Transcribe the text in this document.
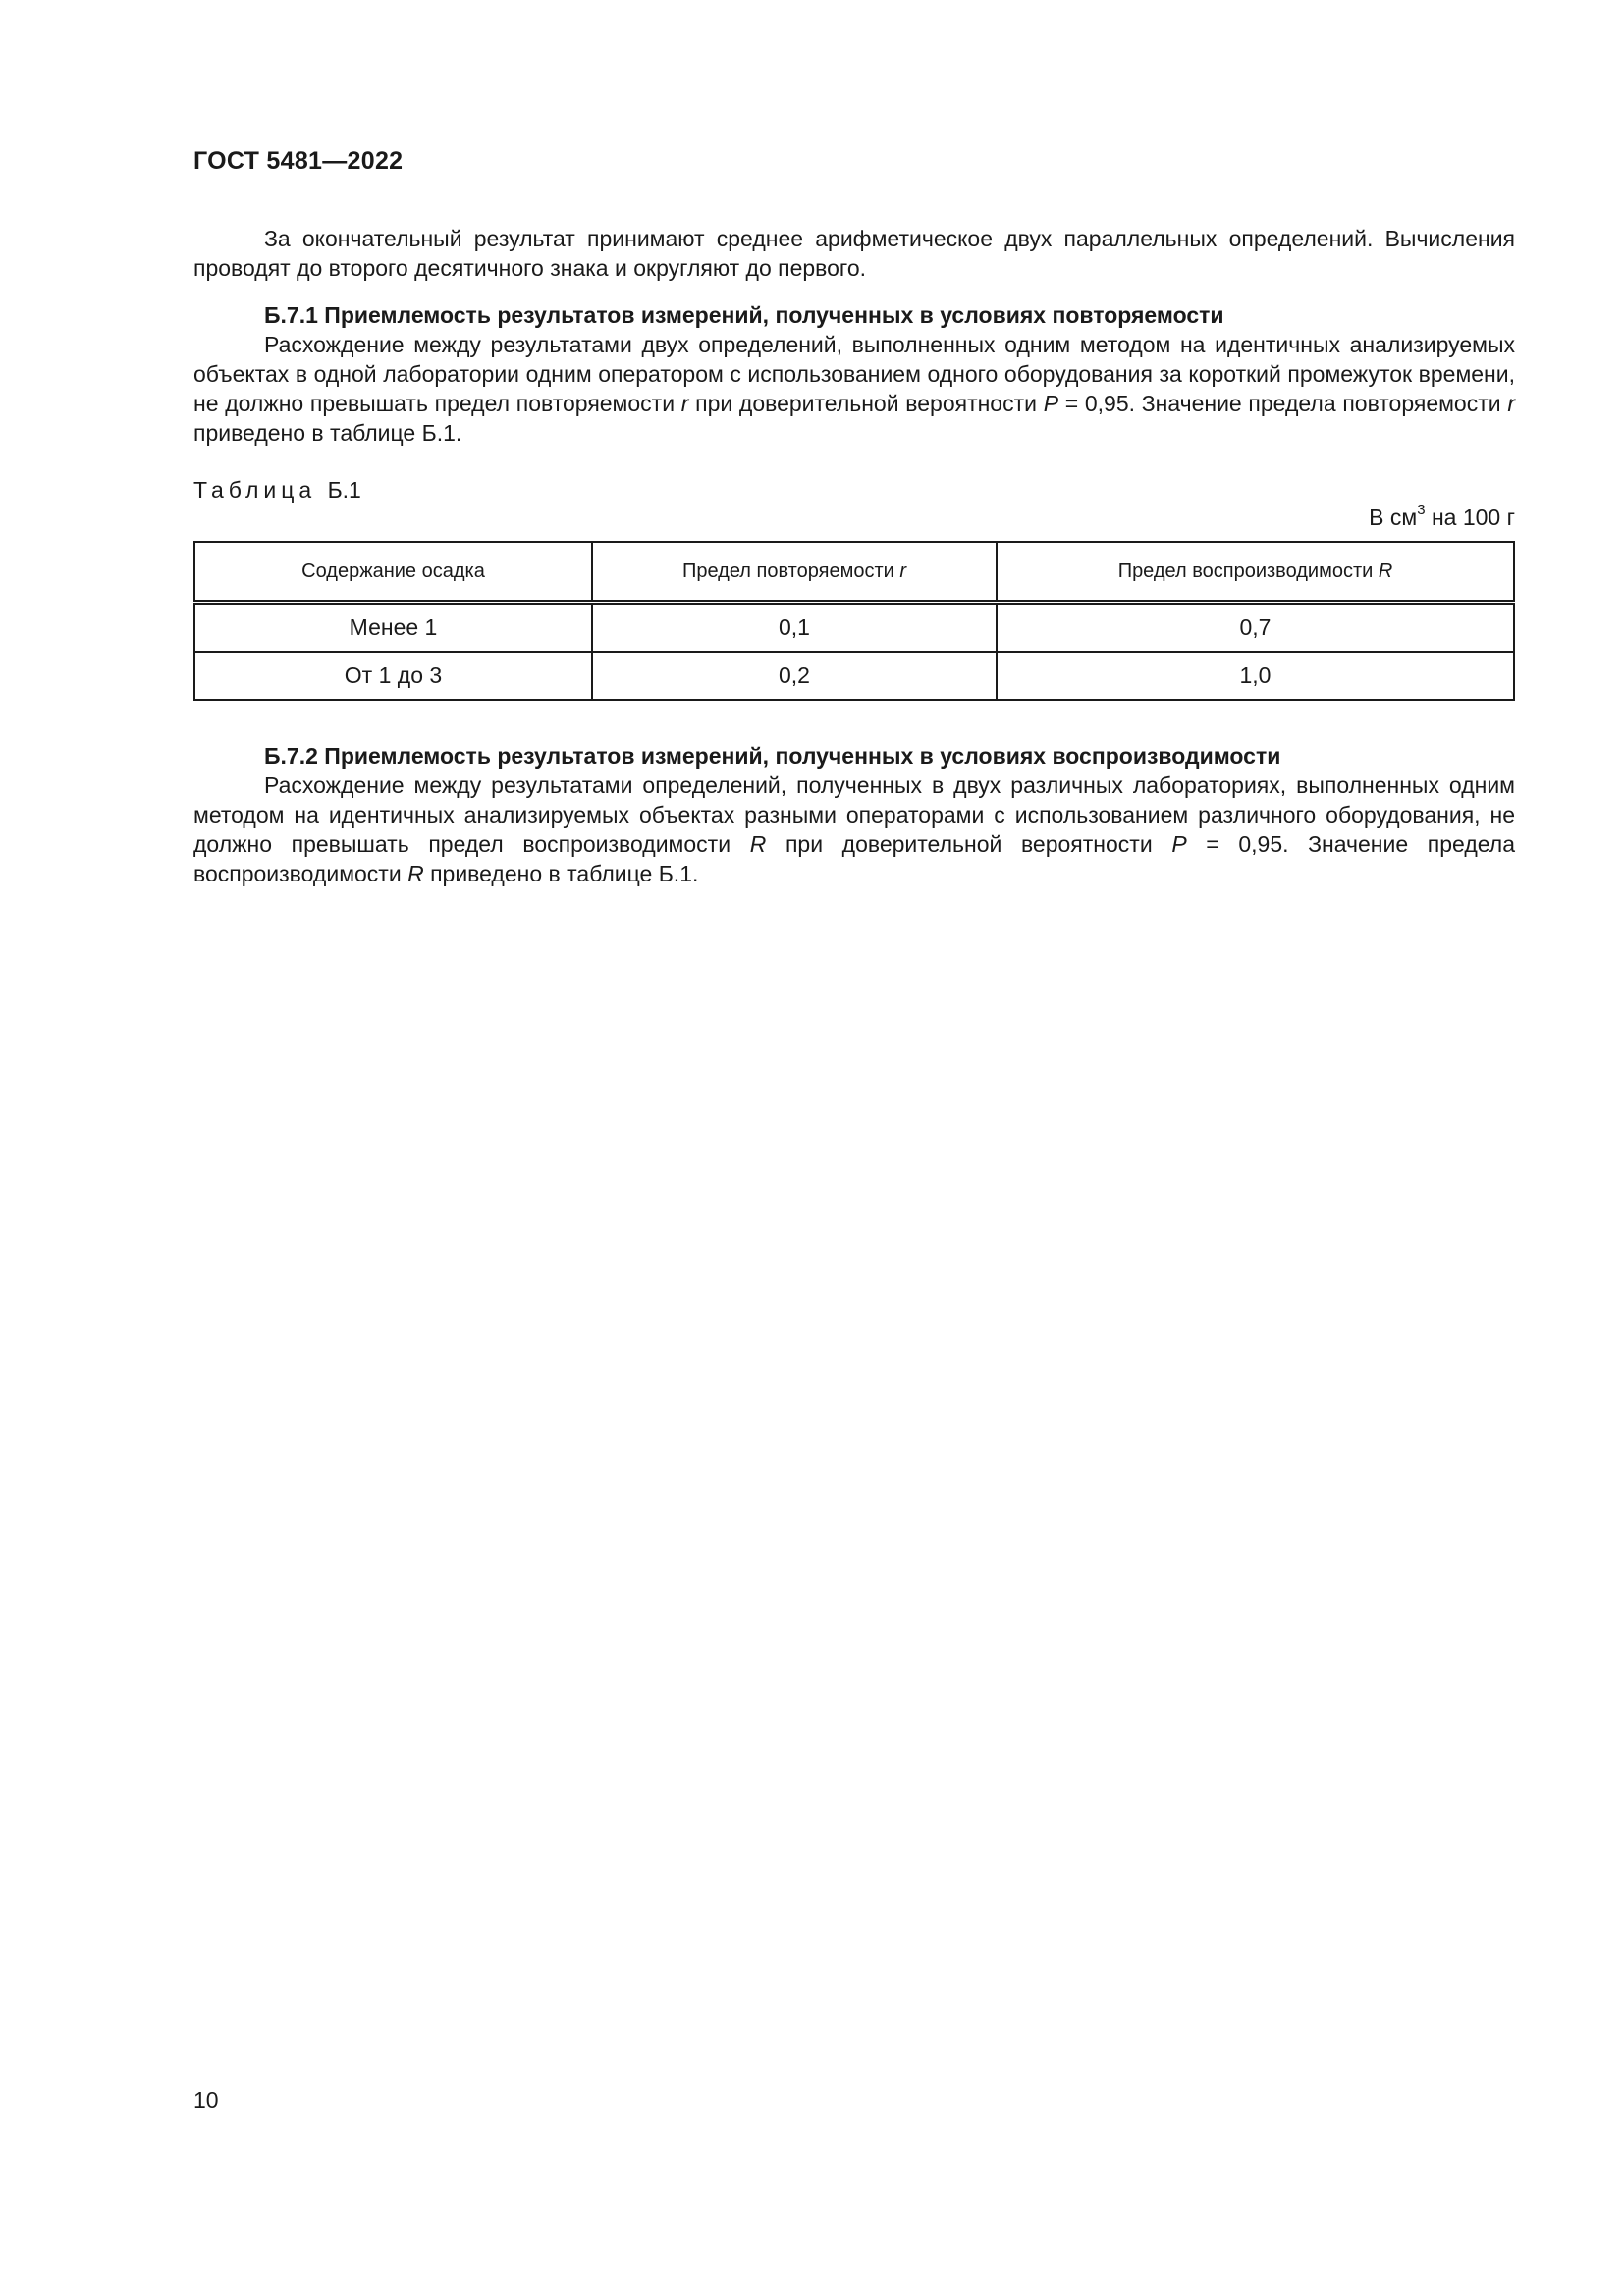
ГОСТ 5481—2022

За окончательный результат принимают среднее арифметическое двух параллельных определений. Вычисления проводят до второго десятичного знака и округляют до первого.

Б.7.1 Приемлемость результатов измерений, полученных в условиях повторяемости

Расхождение между результатами двух определений, выполненных одним методом на идентичных анализируемых объектах в одной лаборатории одним оператором с использованием одного оборудования за короткий промежуток времени, не должно превышать предел повторяемости r при доверительной вероятности P = 0,95. Значение предела повторяемости r приведено в таблице Б.1.

Таблица Б.1
В $см^3$ на 100 г
Содержание осадка	Предел повторяемости r	Предел воспроизводимости R
Менее 1	0,1	0,7
От 1 до 3	0,2	1,0

Б.7.2 Приемлемость результатов измерений, полученных в условиях воспроизводимости

Расхождение между результатами определений, полученных в двух различных лабораториях, выполненных одним методом на идентичных анализируемых объектах разными операторами с использованием различного оборудования, не должно превышать предел воспроизводимости R при доверительной вероятности P = 0,95. Значение предела воспроизводимости R приведено в таблице Б.1.

10
